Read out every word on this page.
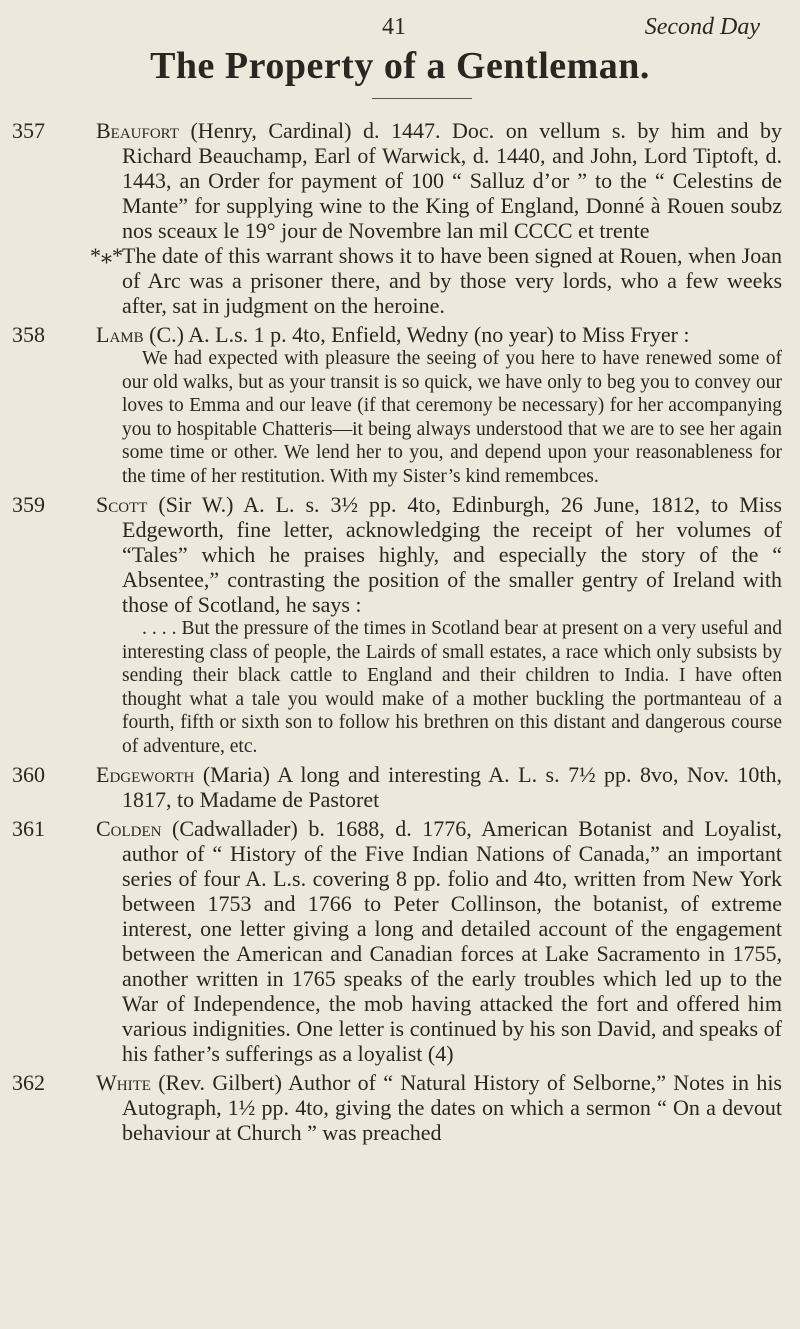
41	Second Day
The Property of a Gentleman.
357 Beaufort (Henry, Cardinal) d. 1447. Doc. on vellum s. by him and by Richard Beauchamp, Earl of Warwick, d. 1440, and John, Lord Tiptoft, d. 1443, an Order for payment of 100 “ Salluz d’or ” to the “ Celestins de Mante” for supplying wine to the King of England, Donné à Rouen soubz nos sceaux le 19° jour de Novembre lan mil CCCC et trente
*⁎*The date of this warrant shows it to have been signed at Rouen, when Joan of Arc was a prisoner there, and by those very lords, who a few weeks after, sat in judgment on the heroine.
358 Lamb (C.) A. L.s. 1 p. 4to, Enfield, Wedny (no year) to Miss Fryer :
We had expected with pleasure the seeing of you here to have renewed some of our old walks, but as your transit is so quick, we have only to beg you to convey our loves to Emma and our leave (if that ceremony be necessary) for her accompanying you to hospitable Chatteris—it being always understood that we are to see her again some time or other. We lend her to you, and depend upon your reasonableness for the time of her restitution. With my Sister’s kind remembces.
359 Scott (Sir W.) A. L. s. 3½ pp. 4to, Edinburgh, 26 June, 1812, to Miss Edgeworth, fine letter, acknowledging the receipt of her volumes of “Tales” which he praises highly, and especially the story of the “ Absentee,” contrasting the position of the smaller gentry of Ireland with those of Scotland, he says :
. . . . But the pressure of the times in Scotland bear at present on a very useful and interesting class of people, the Lairds of small estates, a race which only subsists by sending their black cattle to England and their children to India. I have often thought what a tale you would make of a mother buckling the portmanteau of a fourth, fifth or sixth son to follow his brethren on this distant and dangerous course of adventure, etc.
360 Edgeworth (Maria) A long and interesting A. L. s. 7½ pp. 8vo, Nov. 10th, 1817, to Madame de Pastoret
361 Colden (Cadwallader) b. 1688, d. 1776, American Botanist and Loyalist, author of “ History of the Five Indian Nations of Canada,” an important series of four A. L.s. covering 8 pp. folio and 4to, written from New York between 1753 and 1766 to Peter Collinson, the botanist, of extreme interest, one letter giving a long and detailed account of the engagement between the American and Canadian forces at Lake Sacramento in 1755, another written in 1765 speaks of the early troubles which led up to the War of Independence, the mob having attacked the fort and offered him various indignities. One letter is continued by his son David, and speaks of his father’s sufferings as a loyalist (4)
362 White (Rev. Gilbert) Author of “ Natural History of Selborne,” Notes in his Autograph, 1½ pp. 4to, giving the dates on which a sermon “ On a devout behaviour at Church ” was preached
